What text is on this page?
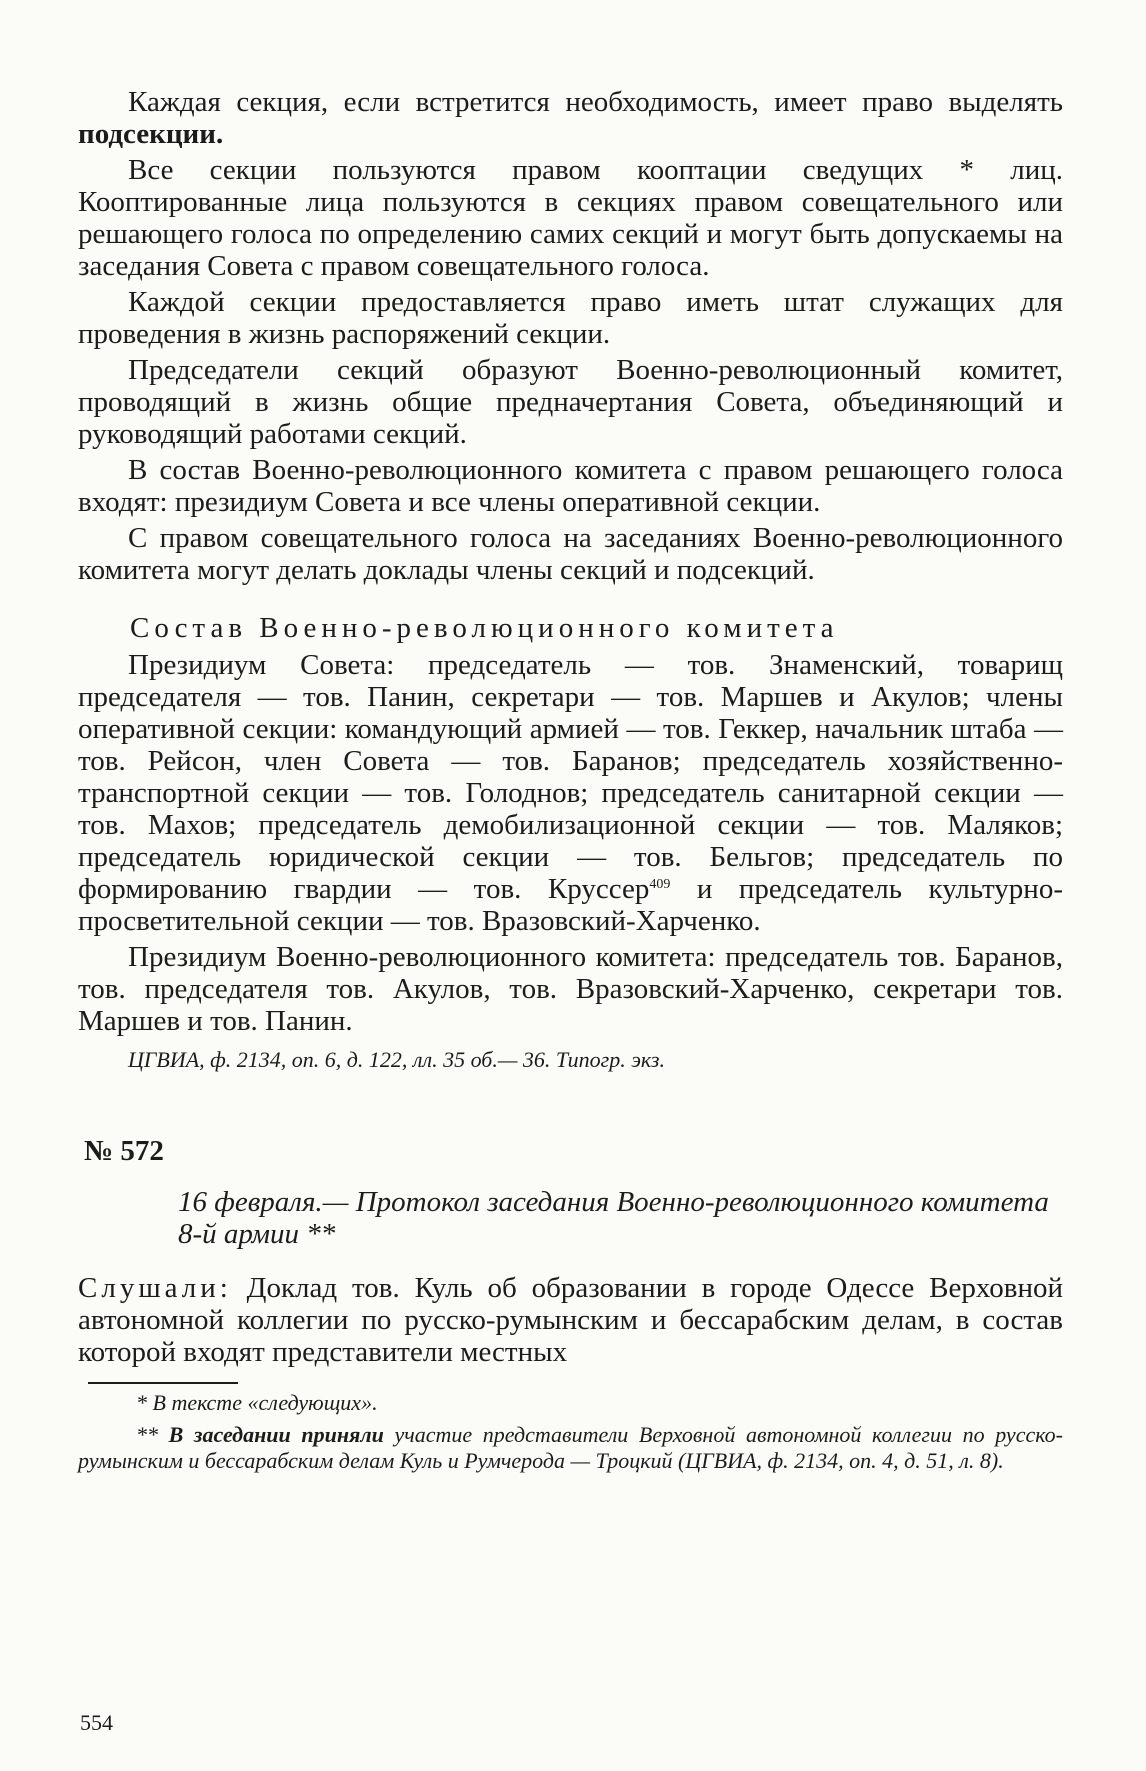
Каждая секция, если встретится необходимость, имеет право выделять подсекции.

Все секции пользуются правом кооптации сведущих * лиц. Кооптированные лица пользуются в секциях правом совещательного или решающего голоса по определению самих секций и могут быть допускаемы на заседания Совета с правом совещательного голоса.

Каждой секции предоставляется право иметь штат служащих для проведения в жизнь распоряжений секции.

Председатели секций образуют Военно-революционный комитет, проводящий в жизнь общие предначертания Совета, объединяющий и руководящий работами секций.

В состав Военно-революционного комитета с правом решающего голоса входят: президиум Совета и все члены оперативной секции.

С правом совещательного голоса на заседаниях Военно-революционного комитета могут делать доклады члены секций и подсекций.

Состав Военно-революционного комитета

Президиум Совета: председатель — тов. Знаменский, товарищ председателя — тов. Панин, секретари — тов. Маршев и Акулов; члены оперативной секции: командующий армией — тов. Геккер, начальник штаба — тов. Рейсон, член Совета — тов. Баранов; председатель хозяйственно-транспортной секции — тов. Голоднов; председатель санитарной секции — тов. Махов; председатель демобилизационной секции — тов. Маляков; председатель юридической секции — тов. Бельгов; председатель по формированию гвардии — тов. Круссер$^{409}$ и председатель культурно-просветительной секции — тов. Вразовский-Харченко.

Президиум Военно-революционного комитета: председатель тов. Баранов, тов. председателя тов. Акулов, тов. Вразовский-Харченко, секретари тов. Маршев и тов. Панин.

ЦГВИА, ф. 2134, оп. 6, д. 122, лл. 35 об.— 36. Типогр. экз.

№ 572

16 февраля.— Протокол заседания Военно-революционного комитета 8-й армии **

Слушали: Доклад тов. Куль об образовании в городе Одессе Верховной автономной коллегии по русско-румынским и бессарабским делам, в состав которой входят представители местных

* В тексте «следующих».

** В заседании приняли участие представители Верховной автономной коллегии по русско-румынским и бессарабским делам Куль и Румчерода — Троцкий (ЦГВИА, ф. 2134, оп. 4, д. 51, л. 8).

554
